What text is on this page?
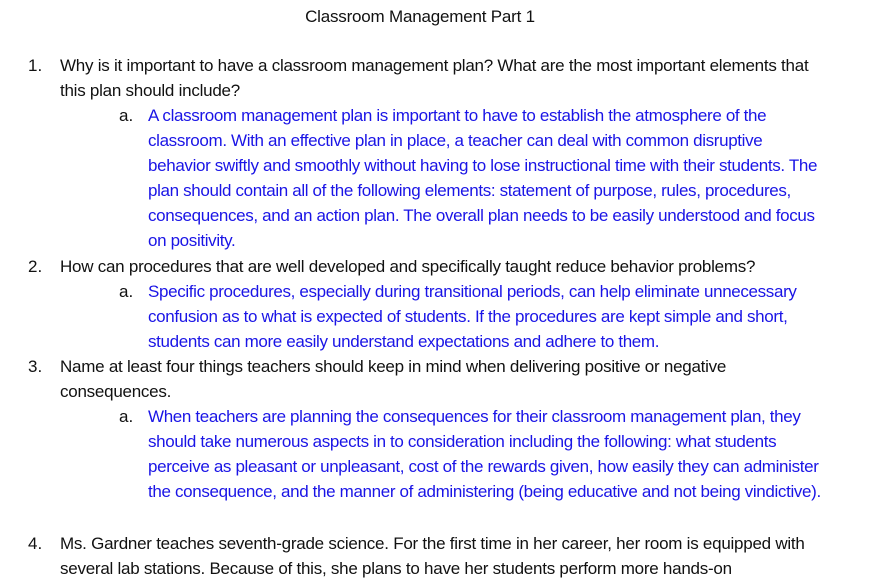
Classroom Management Part 1
1. Why is it important to have a classroom management plan? What are the most important elements that this plan should include?
a. A classroom management plan is important to have to establish the atmosphere of the classroom. With an effective plan in place, a teacher can deal with common disruptive behavior swiftly and smoothly without having to lose instructional time with their students. The plan should contain all of the following elements: statement of purpose, rules, procedures, consequences, and an action plan. The overall plan needs to be easily understood and focus on positivity.
2. How can procedures that are well developed and specifically taught reduce behavior problems?
a. Specific procedures, especially during transitional periods, can help eliminate unnecessary confusion as to what is expected of students. If the procedures are kept simple and short, students can more easily understand expectations and adhere to them.
3. Name at least four things teachers should keep in mind when delivering positive or negative consequences.
a. When teachers are planning the consequences for their classroom management plan, they should take numerous aspects in to consideration including the following: what students perceive as pleasant or unpleasant, cost of the rewards given, how easily they can administer the consequence, and the manner of administering (being educative and not being vindictive).
4. Ms. Gardner teaches seventh-grade science. For the first time in her career, her room is equipped with several lab stations. Because of this, she plans to have her students perform more hands-on
